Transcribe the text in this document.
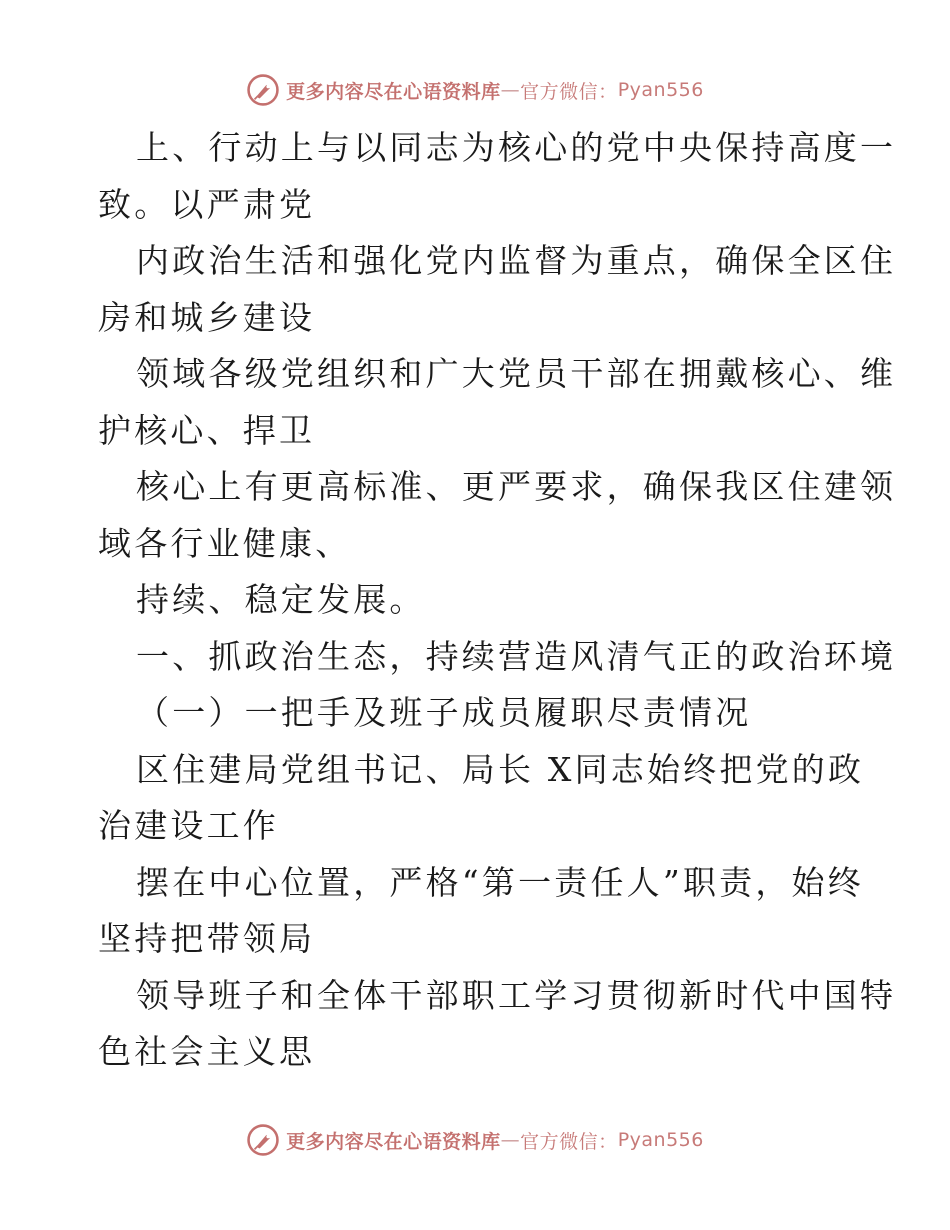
更多内容尽在心语资料库 — 官方微信： Pyan556
上、行动上与以同志为核心的党中央保持高度一
致。以严肃党
内政治生活和强化党内监督为重点，确保全区住
房和城乡建设
领域各级党组织和广大党员干部在拥戴核心、维
护核心、捍卫
核心上有更高标准、更严要求，确保我区住建领
域各行业健康、
持续、稳定发展。
一、抓政治生态，持续营造风清气正的政治环境
（一）一把手及班子成员履职尽责情况
区住建局党组书记、局长 X同志始终把党的政
治建设工作
摆在中心位置，严格“第一责任人”职责，始终
坚持把带领局
领导班子和全体干部职工学习贯彻新时代中国特
色社会主义思
更多内容尽在心语资料库 — 官方微信： Pyan556
